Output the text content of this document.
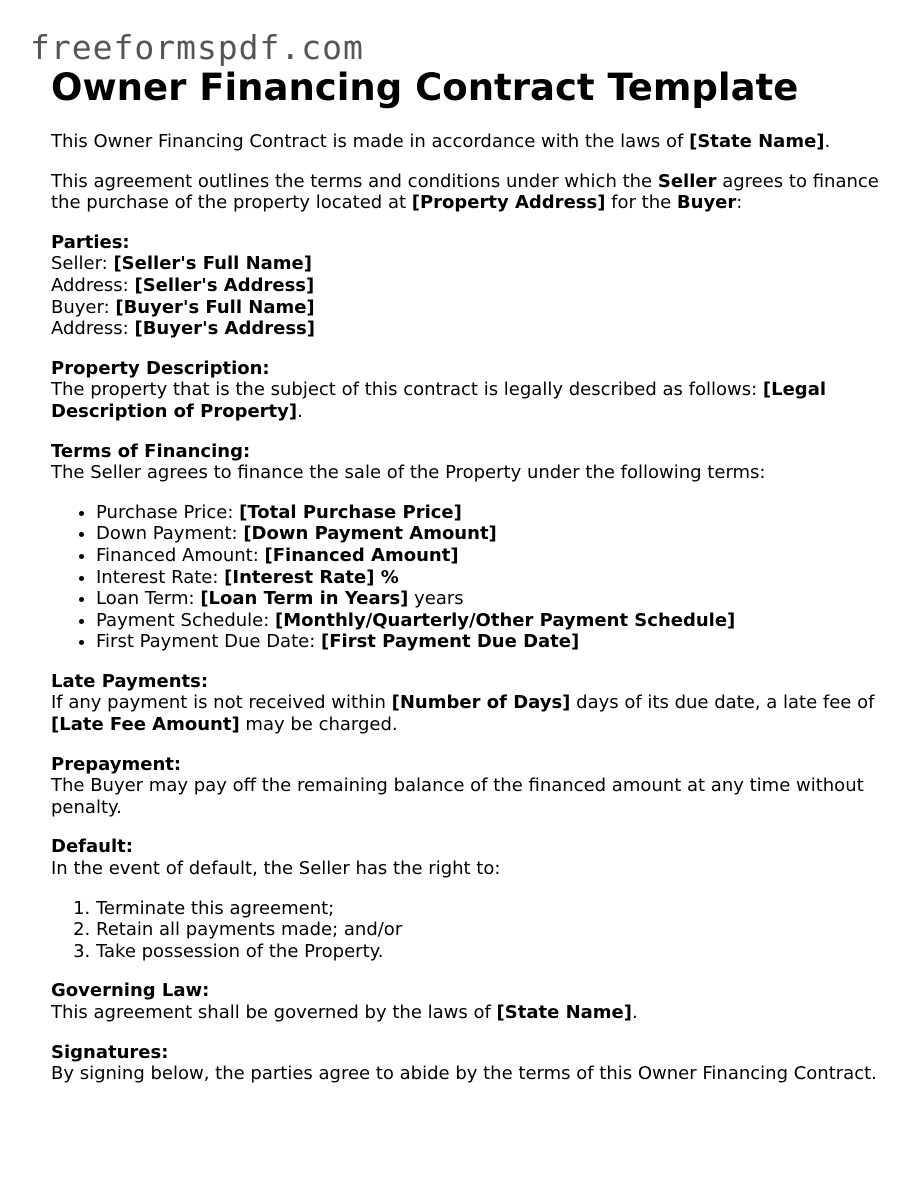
freeformspdf.com
Owner Financing Contract Template

This Owner Financing Contract is made in accordance with the laws of [State Name].

This agreement outlines the terms and conditions under which the Seller agrees to finance the purchase of the property located at [Property Address] for the Buyer:

Parties:
Seller: [Seller's Full Name]
Address: [Seller's Address]
Buyer: [Buyer's Full Name]
Address: [Buyer's Address]

Property Description:
The property that is the subject of this contract is legally described as follows: [Legal Description of Property].

Terms of Financing:
The Seller agrees to finance the sale of the Property under the following terms:

• Purchase Price: [Total Purchase Price]
• Down Payment: [Down Payment Amount]
• Financed Amount: [Financed Amount]
• Interest Rate: [Interest Rate] %
• Loan Term: [Loan Term in Years] years
• Payment Schedule: [Monthly/Quarterly/Other Payment Schedule]
• First Payment Due Date: [First Payment Due Date]

Late Payments:
If any payment is not received within [Number of Days] days of its due date, a late fee of [Late Fee Amount] may be charged.

Prepayment:
The Buyer may pay off the remaining balance of the financed amount at any time without penalty.

Default:
In the event of default, the Seller has the right to:

1. Terminate this agreement;
2. Retain all payments made; and/or
3. Take possession of the Property.

Governing Law:
This agreement shall be governed by the laws of [State Name].

Signatures:
By signing below, the parties agree to abide by the terms of this Owner Financing Contract.
